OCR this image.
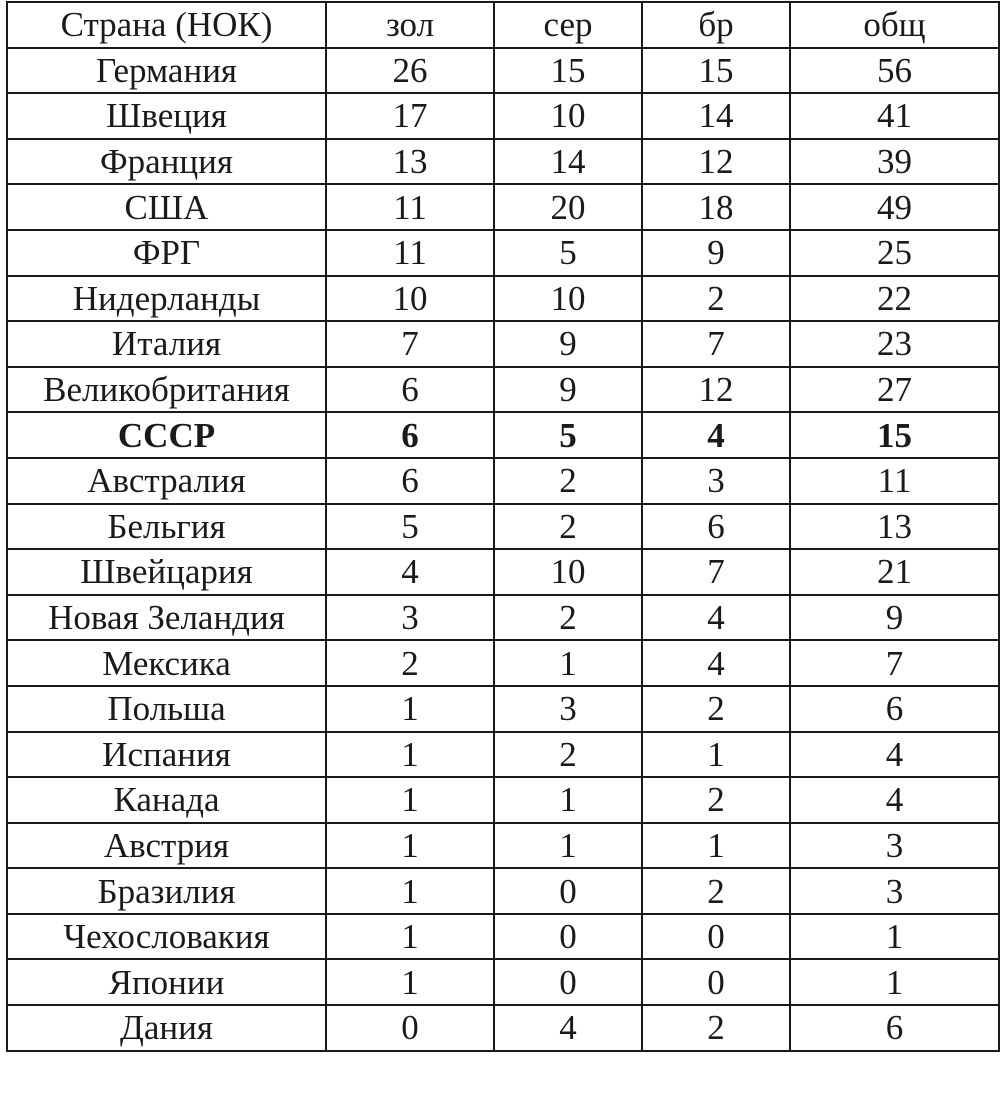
Страна (НОК)	зол	сер	бр	общ
Германия	26	15	15	56
Швеция	17	10	14	41
Франция	13	14	12	39
США	11	20	18	49
ФРГ	11	5	9	25
Нидерланды	10	10	2	22
Италия	7	9	7	23
Великобритания	6	9	12	27
СССР	6	5	4	15
Австралия	6	2	3	11
Бельгия	5	2	6	13
Швейцария	4	10	7	21
Новая Зеландия	3	2	4	9
Мексика	2	1	4	7
Польша	1	3	2	6
Испания	1	2	1	4
Канада	1	1	2	4
Австрия	1	1	1	3
Бразилия	1	0	2	3
Чехословакия	1	0	0	1
Японии	1	0	0	1
Дания	0	4	2	6
